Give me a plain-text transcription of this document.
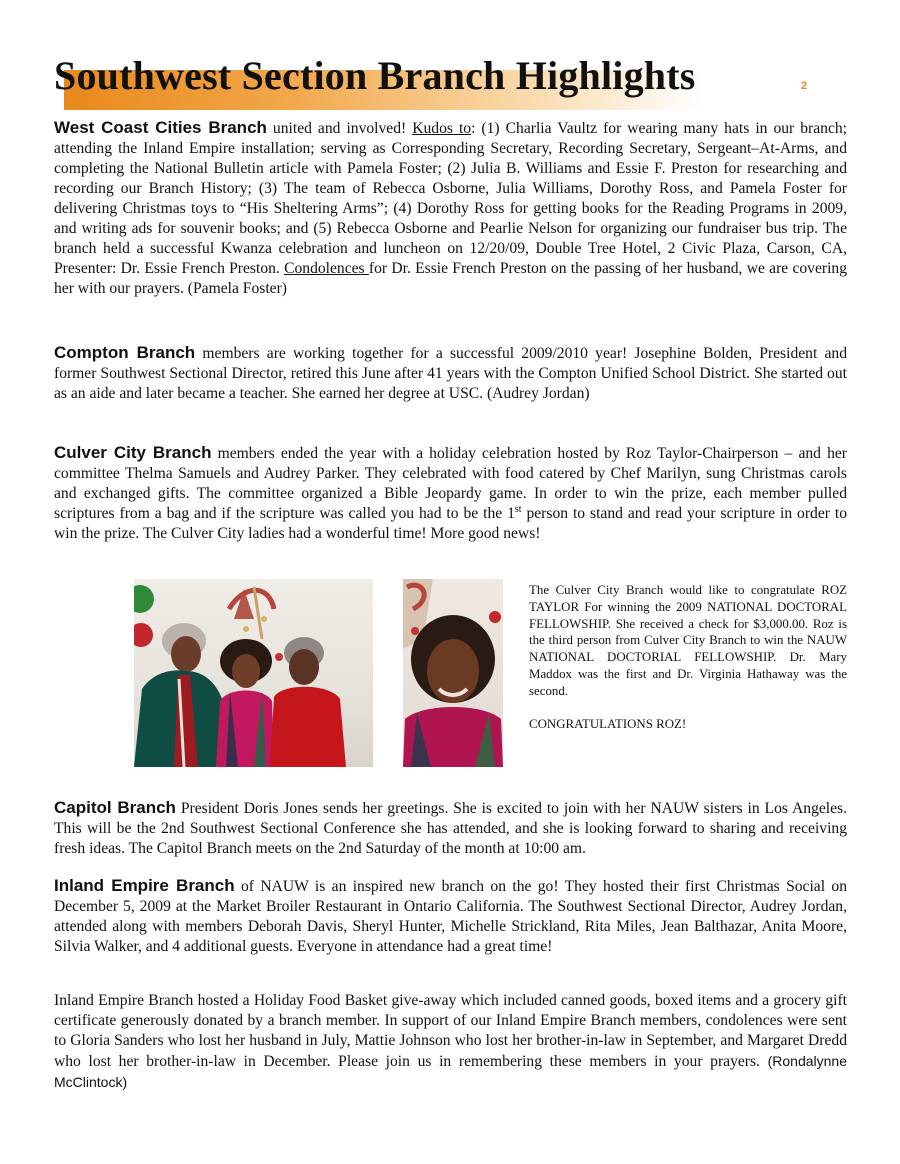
Southwest Section Branch Highlights	2

West Coast Cities Branch united and involved! Kudos to: (1) Charlia Vaultz for wearing many hats in our branch; attending the Inland Empire installation; serving as Corresponding Secretary, Recording Secretary, Sergeant–At-Arms, and completing the National Bulletin article with Pamela Foster; (2) Julia B. Williams and Essie F. Preston for researching and recording our Branch History; (3) The team of Rebecca Osborne, Julia Williams, Dorothy Ross, and Pamela Foster for delivering Christmas toys to “His Sheltering Arms”; (4) Dorothy Ross for getting books for the Reading Programs in 2009, and writing ads for souvenir books; and (5) Rebecca Osborne and Pearlie Nelson for organizing our fundraiser bus trip. The branch held a successful Kwanza celebration and luncheon on 12/20/09, Double Tree Hotel, 2 Civic Plaza, Carson, CA, Presenter: Dr. Essie French Preston. Condolences for Dr. Essie French Preston on the passing of her husband, we are covering her with our prayers. (Pamela Foster)

Compton Branch members are working together for a successful 2009/2010 year! Josephine Bolden, President and former Southwest Sectional Director, retired this June after 41 years with the Compton Unified School District. She started out as an aide and later became a teacher. She earned her degree at USC. (Audrey Jordan)

Culver City Branch members ended the year with a holiday celebration hosted by Roz Taylor-Chairperson – and her committee Thelma Samuels and Audrey Parker. They celebrated with food catered by Chef Marilyn, sung Christmas carols and exchanged gifts. The committee organized a Bible Jeopardy game. In order to win the prize, each member pulled scriptures from a bag and if the scripture was called you had to be the 1st person to stand and read your scripture in order to win the prize. The Culver City ladies had a wonderful time! More good news!

The Culver City Branch would like to congratulate ROZ TAYLOR For winning the 2009 NATIONAL DOCTORAL FELLOWSHIP. She received a check for $3,000.00. Roz is the third person from Culver City Branch to win the NAUW NATIONAL DOCTORIAL FELLOWSHIP. Dr. Mary Maddox was the first and Dr. Virginia Hathaway was the second.

CONGRATULATIONS ROZ!

Capitol Branch President Doris Jones sends her greetings. She is excited to join with her NAUW sisters in Los Angeles. This will be the 2nd Southwest Sectional Conference she has attended, and she is looking forward to sharing and receiving fresh ideas. The Capitol Branch meets on the 2nd Saturday of the month at 10:00 am.

Inland Empire Branch of NAUW is an inspired new branch on the go! They hosted their first Christmas Social on December 5, 2009 at the Market Broiler Restaurant in Ontario California. The Southwest Sectional Director, Audrey Jordan, attended along with members Deborah Davis, Sheryl Hunter, Michelle Strickland, Rita Miles, Jean Balthazar, Anita Moore, Silvia Walker, and 4 additional guests. Everyone in attendance had a great time!

Inland Empire Branch hosted a Holiday Food Basket give-away which included canned goods, boxed items and a grocery gift certificate generously donated by a branch member. In support of our Inland Empire Branch members, condolences were sent to Gloria Sanders who lost her husband in July, Mattie Johnson who lost her brother-in-law in September, and Margaret Dredd who lost her brother-in-law in December. Please join us in remembering these members in your prayers. (Rondalynne McClintock)
